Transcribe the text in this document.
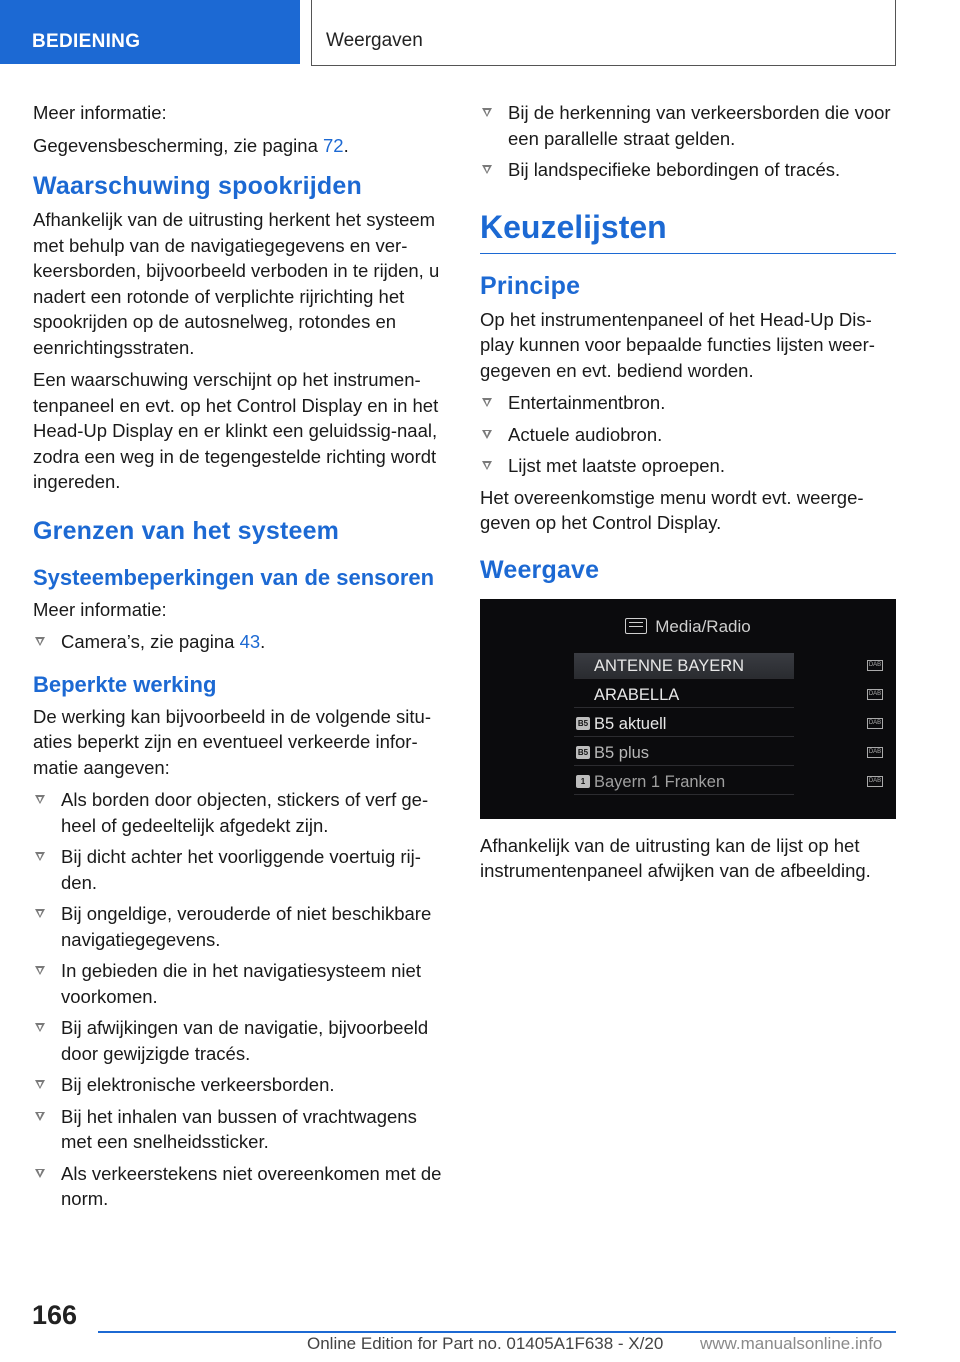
BEDIENING	Weergaven

Meer informatie:

Gegevensbescherming, zie pagina 72.

Waarschuwing spookrijden

Afhankelijk van de uitrusting herkent het systeem met behulp van de navigatiegegevens en ver-keersborden, bijvoorbeeld verboden in te rijden, u nadert een rotonde of verplichte rijrichting het spookrijden op de autosnelweg, rotondes en eenrichtingsstraten.

Een waarschuwing verschijnt op het instrumen-tenpaneel en evt. op het Control Display en in het Head-Up Display en er klinkt een geluidssig-naal, zodra een weg in de tegengestelde richting wordt ingereden.

Grenzen van het systeem
Systeembeperkingen van de sensoren

Meer informatie:

Camera’s, zie pagina 43.
Beperkte werking

De werking kan bijvoorbeeld in de volgende situ-aties beperkt zijn en eventueel verkeerde infor-matie aangeven:

Als borden door objecten, stickers of verf ge-heel of gedeeltelijk afgedekt zijn.
Bij dicht achter het voorliggende voertuig rij-den.
Bij ongeldige, verouderde of niet beschikbare navigatiegegevens.
In gebieden die in het navigatiesysteem niet voorkomen.
Bij afwijkingen van de navigatie, bijvoorbeeld door gewijzigde tracés.
Bij elektronische verkeersborden.
Bij het inhalen van bussen of vrachtwagens met een snelheidssticker.
Als verkeerstekens niet overeenkomen met de norm.
Bij de herkenning van verkeersborden die voor een parallelle straat gelden.
Bij landspecifieke bebordingen of tracés.
Keuzelijsten
Principe

Op het instrumentenpaneel of het Head-Up Dis-play kunnen voor bepaalde functies lijsten weer-gegeven en evt. bediend worden.

Entertainmentbron.
Actuele audiobron.
Lijst met laatste oproepen.

Het overeenkomstige menu wordt evt. weerge-geven op het Control Display.

Weergave
Media/Radio
ANTENNE BAYERN	DAB
ARABELLA	DAB
B5 B5 aktuell	DAB
B5 B5 plus	DAB
1 Bayern 1 Franken	DAB

Afhankelijk van de uitrusting kan de lijst op het instrumentenpaneel afwijken van de afbeelding.

166
Online Edition for Part no. 01405A1F638 - X/20 www.manualsonline.info
